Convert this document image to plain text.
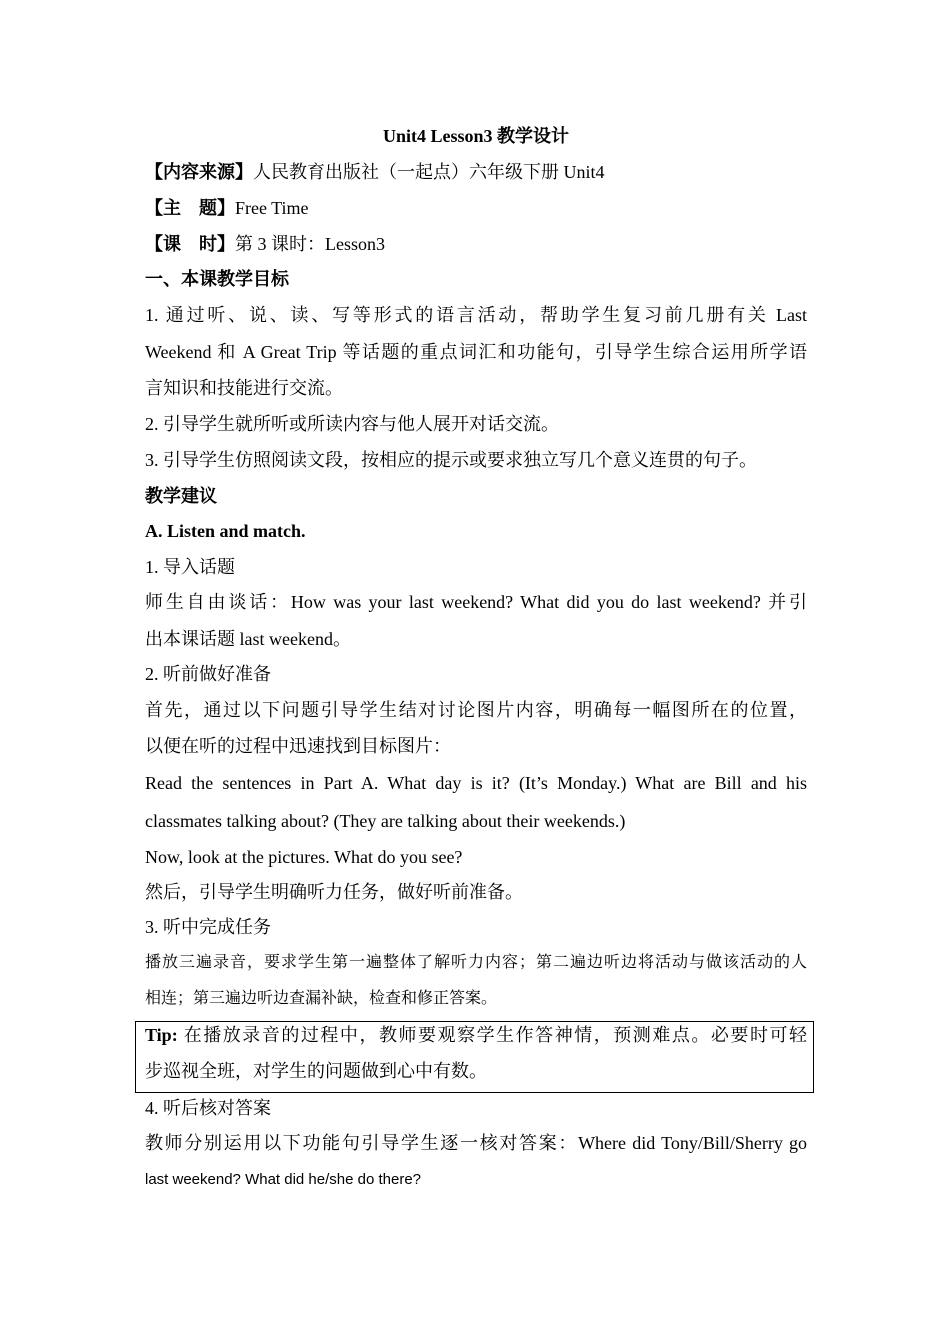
Unit4 Lesson3 教学设计
【内容来源】人民教育出版社（一起点）六年级下册 Unit4
【主　题】Free Time
【课　时】第 3 课时：Lesson3
一、本课教学目标
1. 通过听、说、读、写等形式的语言活动，帮助学生复习前几册有关 Last
Weekend 和 A Great Trip 等话题的重点词汇和功能句，引导学生综合运用所学语
言知识和技能进行交流。
2. 引导学生就所听或所读内容与他人展开对话交流。
3. 引导学生仿照阅读文段，按相应的提示或要求独立写几个意义连贯的句子。
教学建议
A. Listen and match.
1. 导入话题
师生自由谈话：How was your last weekend? What did you do last weekend? 并引
出本课话题 last weekend。
2. 听前做好准备
首先，通过以下问题引导学生结对讨论图片内容，明确每一幅图所在的位置，
以便在听的过程中迅速找到目标图片：
Read the sentences in Part A. What day is it? (It’s Monday.) What are Bill and his
classmates talking about? (They are talking about their weekends.)
Now, look at the pictures. What do you see?
然后，引导学生明确听力任务，做好听前准备。
3. 听中完成任务
播放三遍录音，要求学生第一遍整体了解听力内容；第二遍边听边将活动与做该活动的人
相连；第三遍边听边查漏补缺，检查和修正答案。
Tip: 在播放录音的过程中，教师要观察学生作答神情，预测难点。必要时可轻
步巡视全班，对学生的问题做到心中有数。
4. 听后核对答案
教师分别运用以下功能句引导学生逐一核对答案：Where did Tony/Bill/Sherry go
last weekend? What did he/she do there?
